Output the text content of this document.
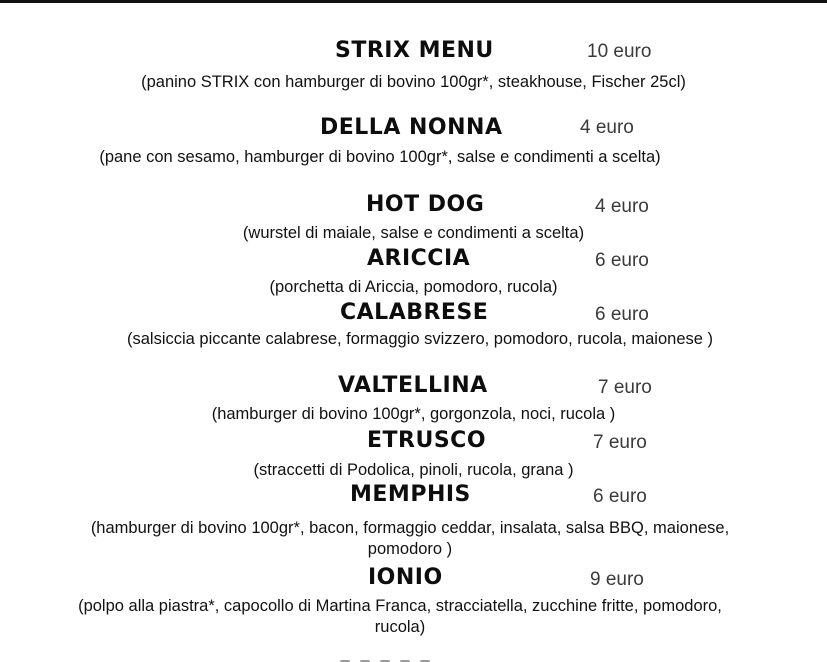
STRIX MENU	10 euro
(panino STRIX con hamburger di bovino 100gr*, steakhouse, Fischer 25cl)
DELLA NONNA	4 euro
(pane con sesamo, hamburger di bovino 100gr*, salse e condimenti a scelta)
HOT DOG	4 euro
(wurstel di maiale, salse e condimenti a scelta)
ARICCIA	6 euro
(porchetta di Ariccia, pomodoro, rucola)
CALABRESE	6 euro
(salsiccia piccante calabrese, formaggio svizzero, pomodoro, rucola, maionese )
VALTELLINA	7 euro
(hamburger di bovino 100gr*, gorgonzola, noci, rucola )
ETRUSCO	7 euro
(straccetti di Podolica, pinoli, rucola, grana )
MEMPHIS	6 euro
(hamburger di bovino 100gr*, bacon, formaggio ceddar, insalata, salsa BBQ, maionese, pomodoro )
IONIO	9 euro
(polpo alla piastra*, capocollo di Martina Franca, stracciatella, zucchine fritte, pomodoro, rucola)
